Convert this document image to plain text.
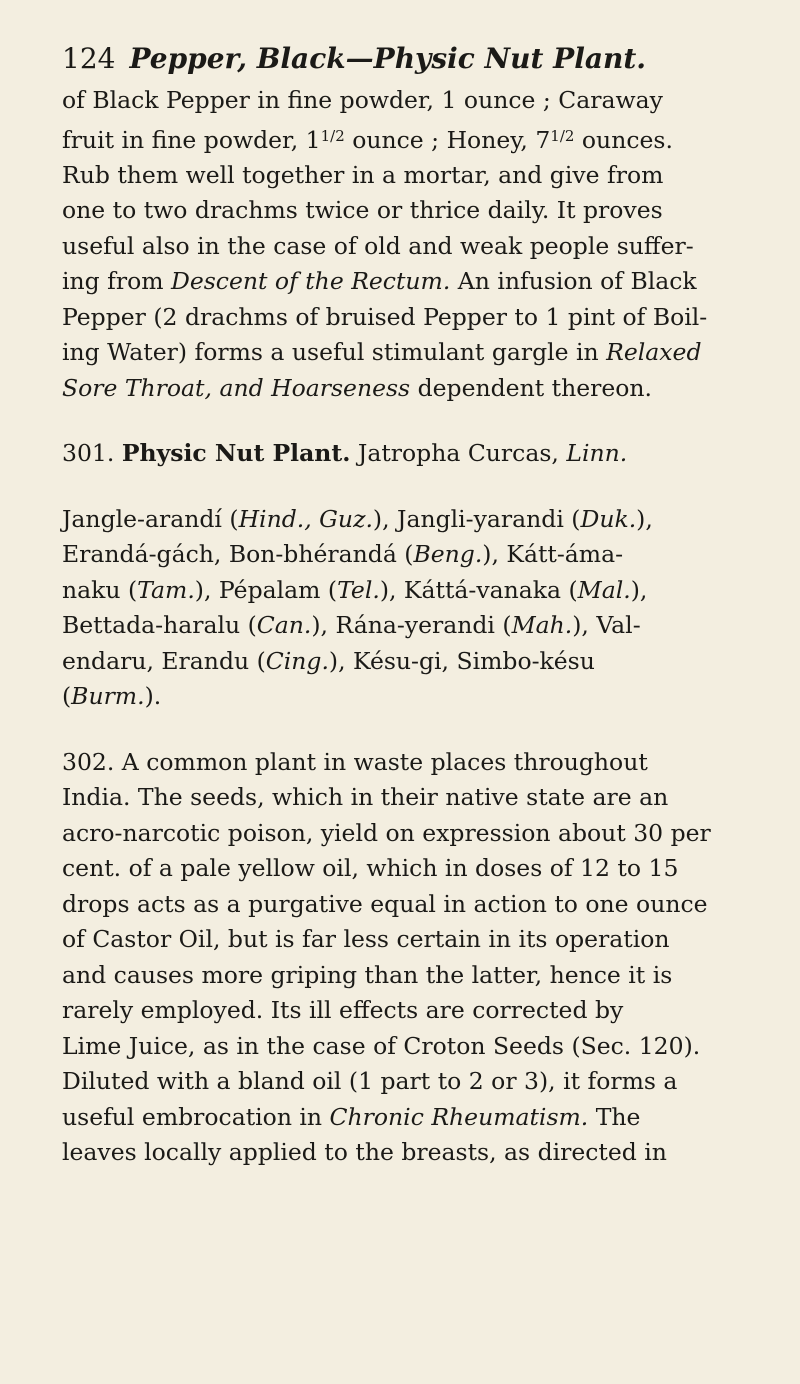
124 Pepper, Black—Physic Nut Plant.

of Black Pepper in fine powder, 1 ounce ; Caraway
fruit in fine powder, $1^{1/2}$ ounce ; Honey, $7^{1/2}$ ounces.
Rub them well together in a mortar, and give from
one to two drachms twice or thrice daily. It proves
useful also in the case of old and weak people suffer-
ing from Descent of the Rectum. An infusion of Black
Pepper (2 drachms of bruised Pepper to 1 pint of Boil-
ing Water) forms a useful stimulant gargle in Relaxed
Sore Throat, and Hoarseness dependent thereon.

301. Physic Nut Plant. Jatropha Curcas, Linn.

Jangle-arandí (Hind., Guz.), Jangli-yarandi (Duk.),
Erandá-gách, Bon-bhérandá (Beng.), Kátt-áma-
naku (Tam.), Pépalam (Tel.), Káttá-vanaka (Mal.),
Bettada-haralu (Can.), Rána-yerandi (Mah.), Val-
endaru, Erandu (Cing.), Késu-gi, Simbo-késu
(Burm.).

302. A common plant in waste places throughout
India. The seeds, which in their native state are an
acro-narcotic poison, yield on expression about 30 per
cent. of a pale yellow oil, which in doses of 12 to 15
drops acts as a purgative equal in action to one ounce
of Castor Oil, but is far less certain in its operation
and causes more griping than the latter, hence it is
rarely employed. Its ill effects are corrected by
Lime Juice, as in the case of Croton Seeds (Sec. 120).
Diluted with a bland oil (1 part to 2 or 3), it forms a
useful embrocation in Chronic Rheumatism. The
leaves locally applied to the breasts, as directed in
